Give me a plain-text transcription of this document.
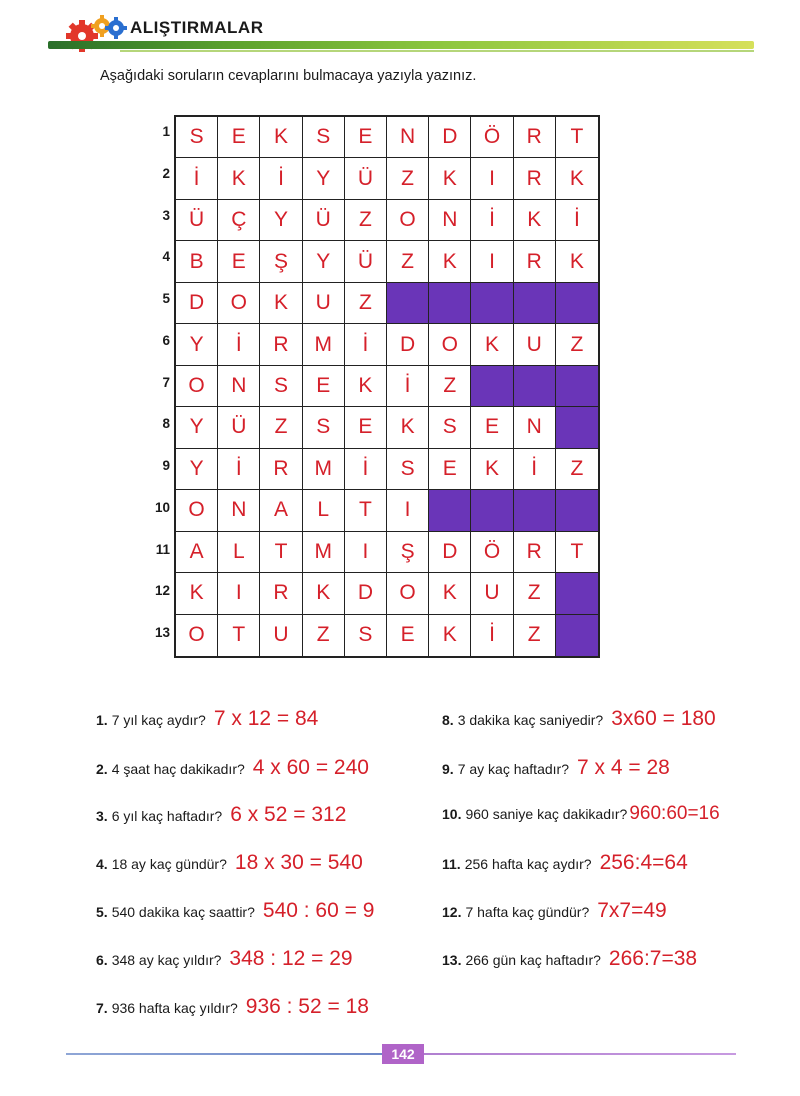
ALIŞTIRMALAR
Aşağıdaki soruların cevaplarını bulmacaya yazıyla yazınız.
1
2
3
4
5
6
7
8
9
10
11
12
13
S	E	K	S	E	N	D	Ö	R	T
İ	K	İ	Y	Ü	Z	K	I	R	K
Ü	Ç	Y	Ü	Z	O	N	İ	K	İ
B	E	Ş	Y	Ü	Z	K	I	R	K
D	O	K	U	Z
Y	İ	R	M	İ	D	O	K	U	Z
O	N	S	E	K	İ	Z
Y	Ü	Z	S	E	K	S	E	N
Y	İ	R	M	İ	S	E	K	İ	Z
O	N	A	L	T	I
A	L	T	M	I	Ş	D	Ö	R	T
K	I	R	K	D	O	K	U	Z
O	T	U	Z	S	E	K	İ	Z
1. 7 yıl kaç aydır? 7 x 12 = 84
2. 4 şaat haç dakikadır? 4 x 60 = 240
3. 6 yıl kaç haftadır? 6 x 52 = 312
4. 18 ay kaç gündür? 18 x 30 = 540
5. 540 dakika kaç saattir? 540 : 60 = 9
6. 348 ay kaç yıldır? 348 : 12 = 29
7. 936 hafta kaç yıldır? 936 : 52 = 18
8. 3 dakika kaç saniyedir? 3x60 = 180
9. 7 ay kaç haftadır? 7 x 4 = 28
10. 960 saniye kaç dakikadır? 960:60=16
11. 256 hafta kaç aydır? 256:4=64
12. 7 hafta kaç gündür? 7x7=49
13. 266 gün kaç haftadır? 266:7=38
142
